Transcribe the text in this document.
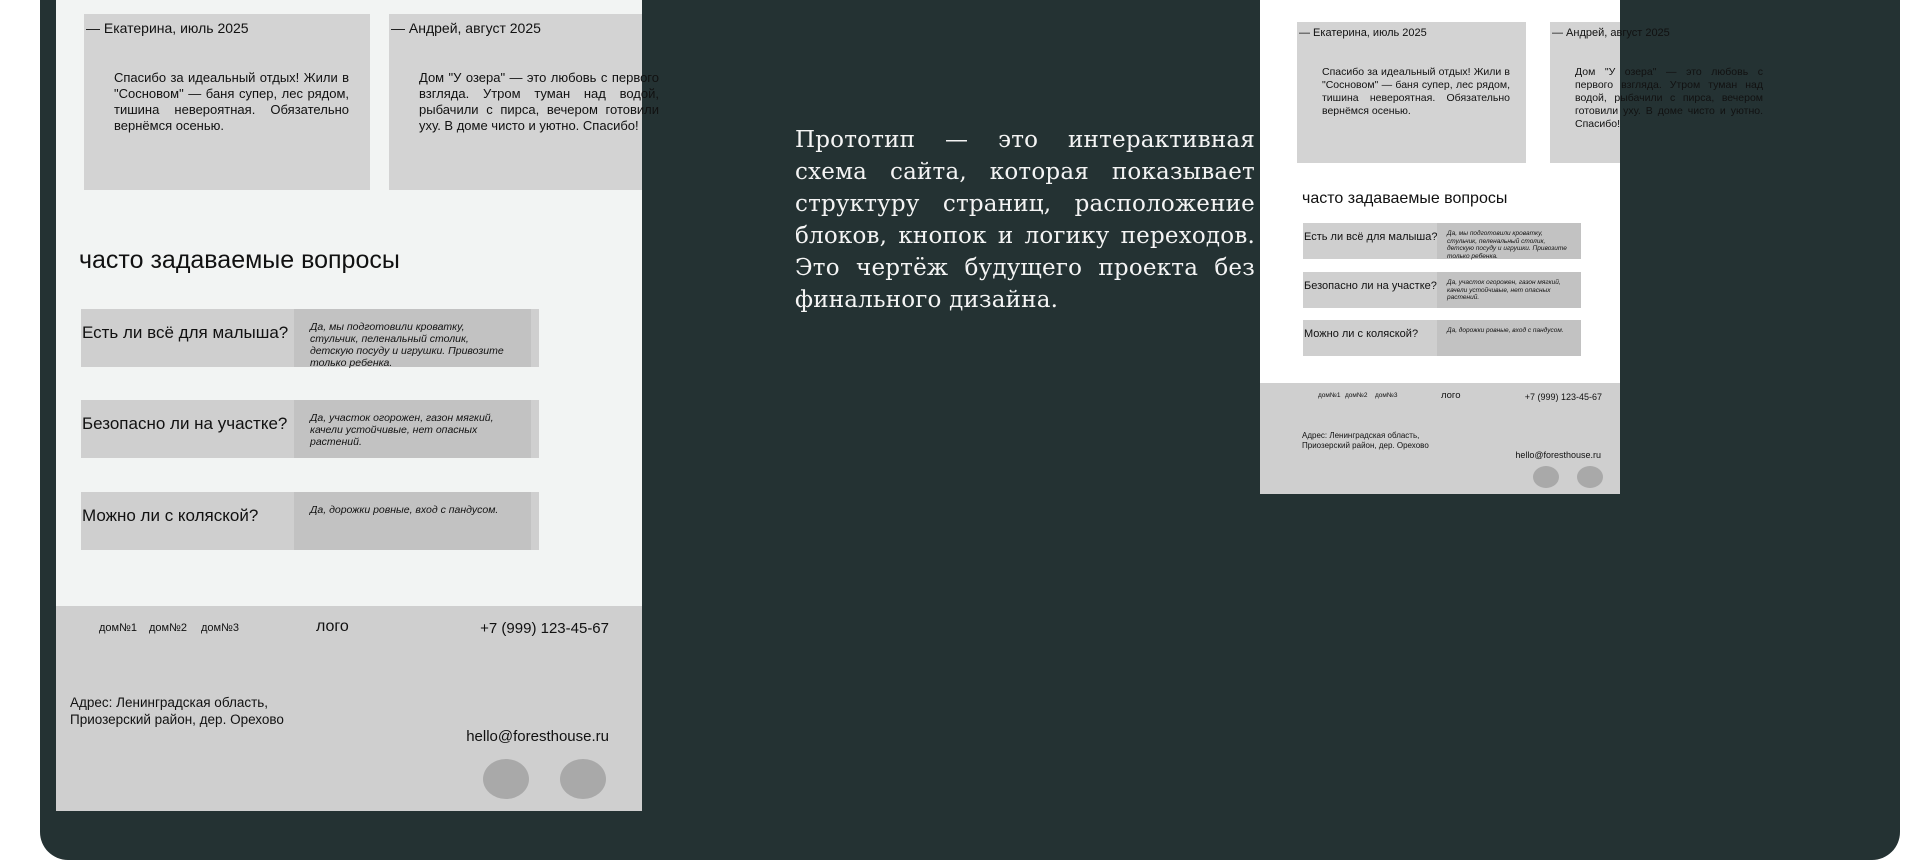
— Екатерина, июль 2025
Спасибо за идеальный отдых! Жили в "Сосновом" — баня супер, лес рядом, тишина невероятная. Обязательно вернёмся осенью.
— Андрей, август 2025
Дом "У озера" — это любовь с первого взгляда. Утром туман над водой, рыбачили с пирса, вечером готовили уху. В доме чисто и уютно. Спасибо!
часто задаваемые вопросы
Есть ли всё для малыша?	Да, мы подготовили кроватку, стульчик, пеленальный столик, детскую посуду и игрушки. Привозите только ребенка.
Безопасно ли на участке?	Да, участок огорожен, газон мягкий, качели устойчивые, нет опасных растений.
Можно ли с коляской?	Да, дорожки ровные, вход с пандусом.
дом№1 дом№2 дом№3	лого	+7 (999) 123-45-67
Адрес: Ленинградская область,
Приозерский район, дер. Орехово
hello@foresthouse.ru
Прототип — это интерактивная схема сайта, которая показывает структуру страниц, расположение блоков, кнопок и логику переходов. Это чертёж будущего проекта без финального дизайна.
— Екатерина, июль 2025
Спасибо за идеальный отдых! Жили в "Сосновом" — баня супер, лес рядом, тишина невероятная. Обязательно вернёмся осенью.
— Андрей, август 2025
Дом "У озера" — это любовь с первого взгляда. Утром туман над водой, рыбачили с пирса, вечером готовили уху. В доме чисто и уютно. Спасибо!
часто задаваемые вопросы
Есть ли всё для малыша?	Да, мы подготовили кроватку, стульчик, пеленальный столик, детскую посуду и игрушки. Привозите только ребенка.
Безопасно ли на участке?	Да, участок огорожен, газон мягкий, качели устойчивые, нет опасных растений.
Можно ли с коляской?	Да, дорожки ровные, вход с пандусом.
дом№1 дом№2 дом№3	лого	+7 (999) 123-45-67
Адрес: Ленинградская область,
Приозерский район, дер. Орехово
hello@foresthouse.ru
